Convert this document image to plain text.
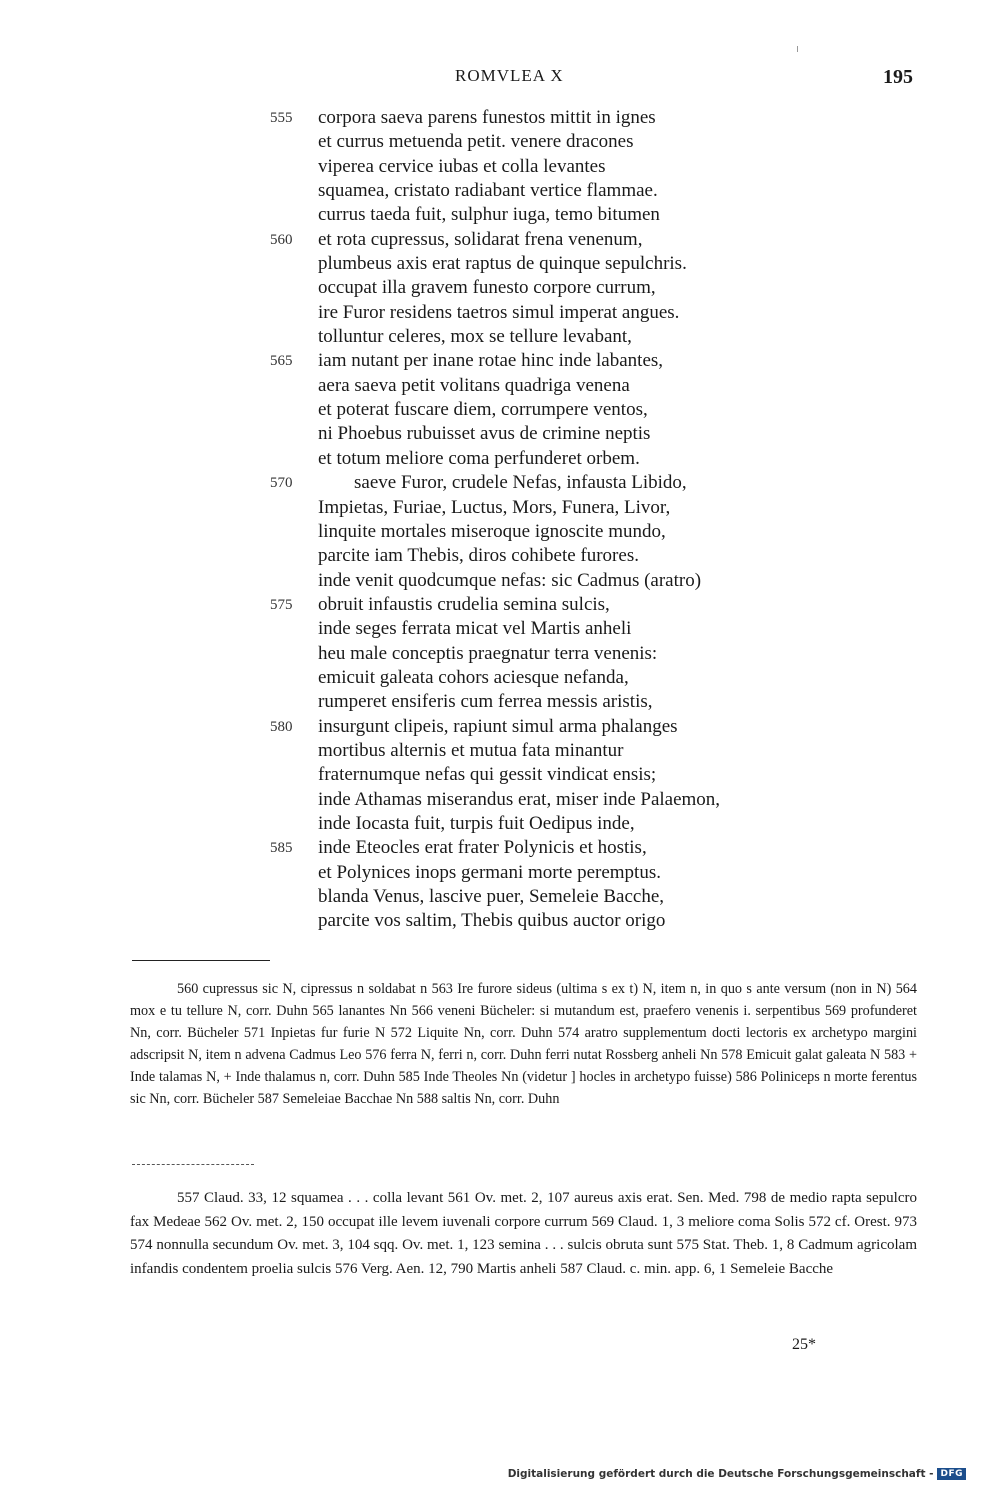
ROMVLEA X	195
555	corpora saeva parens funestos mittit in ignes
et currus metuenda petit. venere dracones
viperea cervice iubas et colla levantes
squamea, cristato radiabant vertice flammae.
currus taeda fuit, sulphur iuga, temo bitumen
560	et rota cupressus, solidarat frena venenum,
plumbeus axis erat raptus de quinque sepulchris.
occupat illa gravem funesto corpore currum,
ire Furor residens taetros simul imperat angues.
tolluntur celeres, mox se tellure levabant,
565	iam nutant per inane rotae hinc inde labantes,
aera saeva petit volitans quadriga venena
et poterat fuscare diem, corrumpere ventos,
ni Phoebus rubuisset avus de crimine neptis
et totum meliore coma perfunderet orbem.
570	saeve Furor, crudele Nefas, infausta Libido,
Impietas, Furiae, Luctus, Mors, Funera, Livor,
linquite mortales miseroque ignoscite mundo,
parcite iam Thebis, diros cohibete furores.
inde venit quodcumque nefas: sic Cadmus (aratro)
575	obruit infaustis crudelia semina sulcis,
inde seges ferrata micat vel Martis anheli
heu male conceptis praegnatur terra venenis:
emicuit galeata cohors aciesque nefanda,
rumperet ensiferis cum ferrea messis aristis,
580	insurgunt clipeis, rapiunt simul arma phalanges
mortibus alternis et mutua fata minantur
fraternumque nefas qui gessit vindicat ensis;
inde Athamas miserandus erat, miser inde Palaemon,
inde Iocasta fuit, turpis fuit Oedipus inde,
585	inde Eteocles erat frater Polynicis et hostis,
et Polynices inops germani morte peremptus.
blanda Venus, lascive puer, Semeleie Bacche,
parcite vos saltim, Thebis quibus auctor origo

560 cupressus sic N, cipressus n soldabat n 563 Ire furore sideus (ultima s ex t) N, item n, in quo s ante versum (non in N) 564 mox e tu tellure N, corr. Duhn 565 lanantes Nn 566 veneni Bücheler: si mutandum est, praefero venenis i. serpentibus 569 profunderet Nn, corr. Bücheler 571 Inpietas fur furie N 572 Liquite Nn, corr. Duhn 574 aratro supplementum docti lectoris ex archetypo margini adscripsit N, item n advena Cadmus Leo 576 ferra N, ferri n, corr. Duhn ferri nutat Rossberg anheli Nn 578 Emicuit galat galeata N 583 + Inde talamas N, + Inde thalamus n, corr. Duhn 585 Inde Theoles Nn (videtur ] hocles in archetypo fuisse) 586 Poliniceps n morte ferentus sic Nn, corr. Bücheler 587 Semeleiae Bacchae Nn 588 saltis Nn, corr. Duhn

557 Claud. 33, 12 squamea . . . colla levant 561 Ov. met. 2, 107 aureus axis erat. Sen. Med. 798 de medio rapta sepulcro fax Medeae 562 Ov. met. 2, 150 occupat ille levem iuvenali corpore currum 569 Claud. 1, 3 meliore coma Solis 572 cf. Orest. 973 574 nonnulla secundum Ov. met. 3, 104 sqq. Ov. met. 1, 123 semina . . . sulcis obruta sunt 575 Stat. Theb. 1, 8 Cadmum agricolam infandis condentem proelia sulcis 576 Verg. Aen. 12, 790 Martis anheli 587 Claud. c. min. app. 6, 1 Semeleie Bacche

25*
Digitalisierung gefördert durch die Deutsche Forschungsgemeinschaft - DFG
